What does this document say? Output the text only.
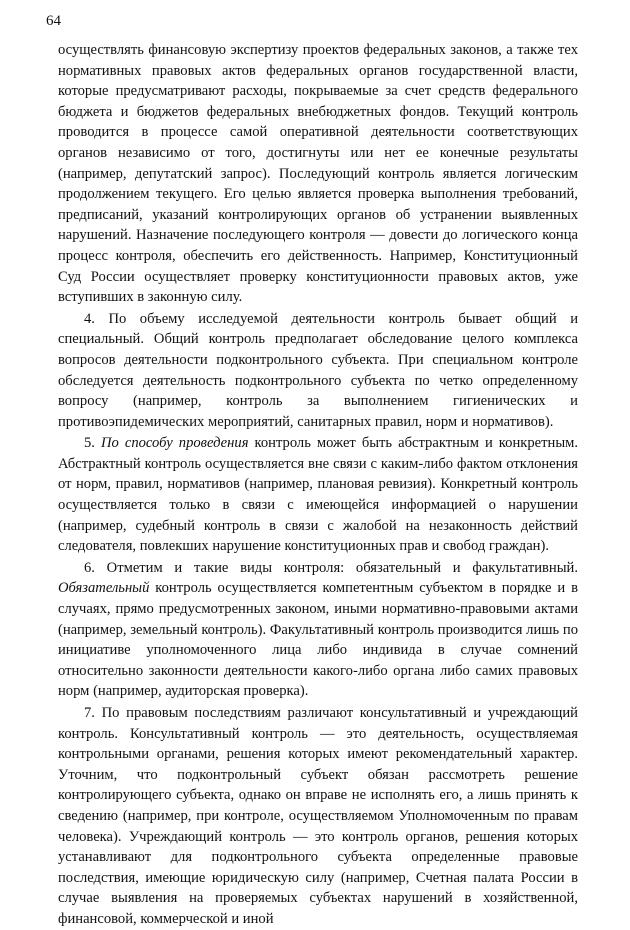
64

осуществлять финансовую экспертизу проектов федеральных законов, а также тех нормативных правовых актов федеральных органов государственной власти, которые предусматривают расходы, покрываемые за счет средств федерального бюджета и бюджетов федеральных внебюджетных фондов. Текущий контроль проводится в процессе самой оперативной деятельности соответствующих органов независимо от того, достигнуты или нет ее конечные результаты (например, депутатский запрос). Последующий контроль является логическим продолжением текущего. Его целью является проверка выполнения требований, предписаний, указаний контролирующих органов об устранении выявленных нарушений. Назначение последующего контроля — довести до логического конца процесс контроля, обеспечить его действенность. Например, Конституционный Суд России осуществляет проверку конституционности правовых актов, уже вступивших в законную силу.

4. По объему исследуемой деятельности контроль бывает общий и специальный. Общий контроль предполагает обследование целого комплекса вопросов деятельности подконтрольного субъекта. При специальном контроле обследуется деятельность подконтрольного субъекта по четко определенному вопросу (например, контроль за выполнением гигиенических и противоэпидемических мероприятий, санитарных правил, норм и нормативов).

5. По способу проведения контроль может быть абстрактным и конкретным. Абстрактный контроль осуществляется вне связи с каким-либо фактом отклонения от норм, правил, нормативов (например, плановая ревизия). Конкретный контроль осуществляется только в связи с имеющейся информацией о нарушении (например, судебный контроль в связи с жалобой на незаконность действий следователя, повлекших нарушение конституционных прав и свобод граждан).

6. Отметим и такие виды контроля: обязательный и факультативный. Обязательный контроль осуществляется компетентным субъектом в порядке и в случаях, прямо предусмотренных законом, иными нормативно-правовыми актами (например, земельный контроль). Факультативный контроль производится лишь по инициативе уполномоченного лица либо индивида в случае сомнений относительно законности деятельности какого-либо органа либо самих правовых норм (например, аудиторская проверка).

7. По правовым последствиям различают консультативный и учреждающий контроль. Консультативный контроль — это деятельность, осуществляемая контрольными органами, решения которых имеют рекомендательный характер. Уточним, что подконтрольный субъект обязан рассмотреть решение контролирующего субъекта, однако он вправе не исполнять его, а лишь принять к сведению (например, при контроле, осуществляемом Уполномоченным по правам человека). Учреждающий контроль — это контроль органов, решения которых устанавливают для подконтрольного субъекта определенные правовые последствия, имеющие юридическую силу (например, Счетная палата России в случае выявления на проверяемых субъектах нарушений в хозяйственной, финансовой, коммерческой и иной
